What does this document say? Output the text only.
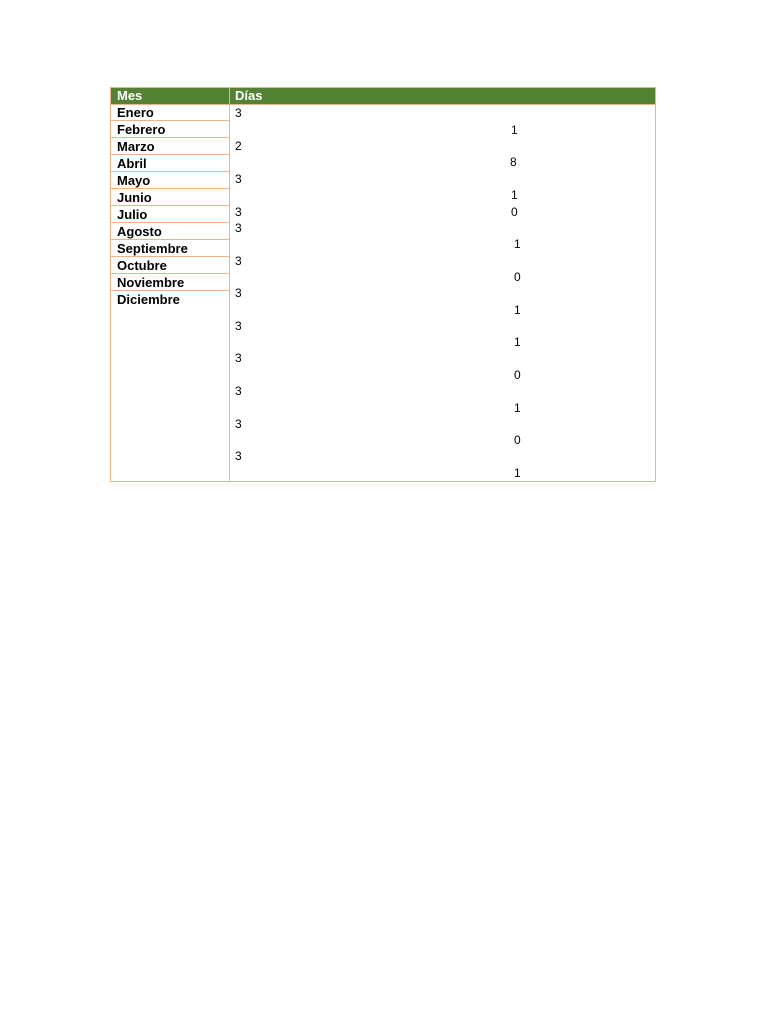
Mes	Días
Enero
Febrero
Marzo
Abril
Mayo
Junio
Julio
Agosto
Septiembre
Octubre
Noviembre
Diciembre
3
2
3
3
3
3
3
3
3
3
3
3
1
8
1
0
1
0
1
1
0
1
0
1
